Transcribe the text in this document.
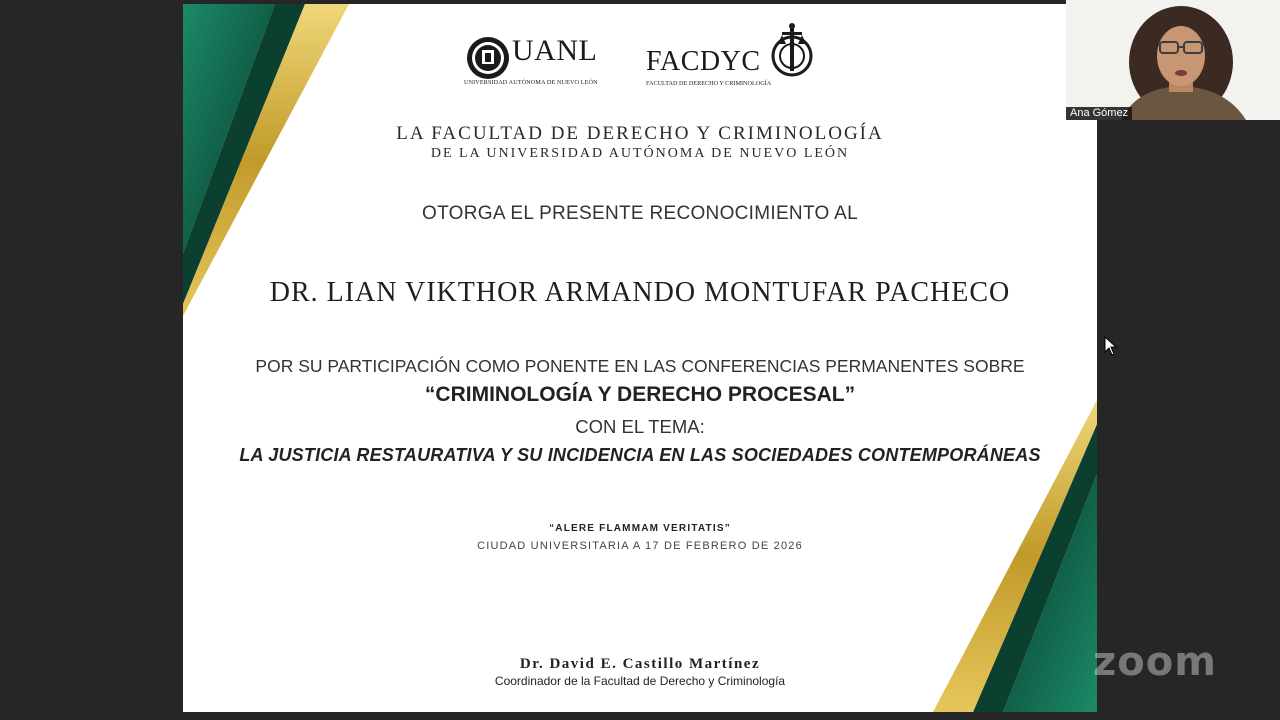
UANL
UNIVERSIDAD AUTÓNOMA DE NUEVO LEÓN
FACDYC
FACULTAD DE DERECHO Y CRIMINOLOGÍA
LA FACULTAD DE DERECHO Y CRIMINOLOGÍA
DE LA UNIVERSIDAD AUTÓNOMA DE NUEVO LEÓN
OTORGA EL PRESENTE RECONOCIMIENTO AL
DR. LIAN VIKTHOR ARMANDO MONTUFAR PACHECO
POR SU PARTICIPACIÓN COMO PONENTE EN LAS CONFERENCIAS PERMANENTES SOBRE
“CRIMINOLOGÍA Y DERECHO PROCESAL”
CON EL TEMA:
LA JUSTICIA RESTAURATIVA Y SU INCIDENCIA EN LAS SOCIEDADES CONTEMPORÁNEAS
“ALERE FLAMMAM VERITATIS”
CIUDAD UNIVERSITARIA A 17 DE FEBRERO DE 2026
Dr. David E. Castillo Martínez
Coordinador de la Facultad de Derecho y Criminología
Ana Gómez
zoom
